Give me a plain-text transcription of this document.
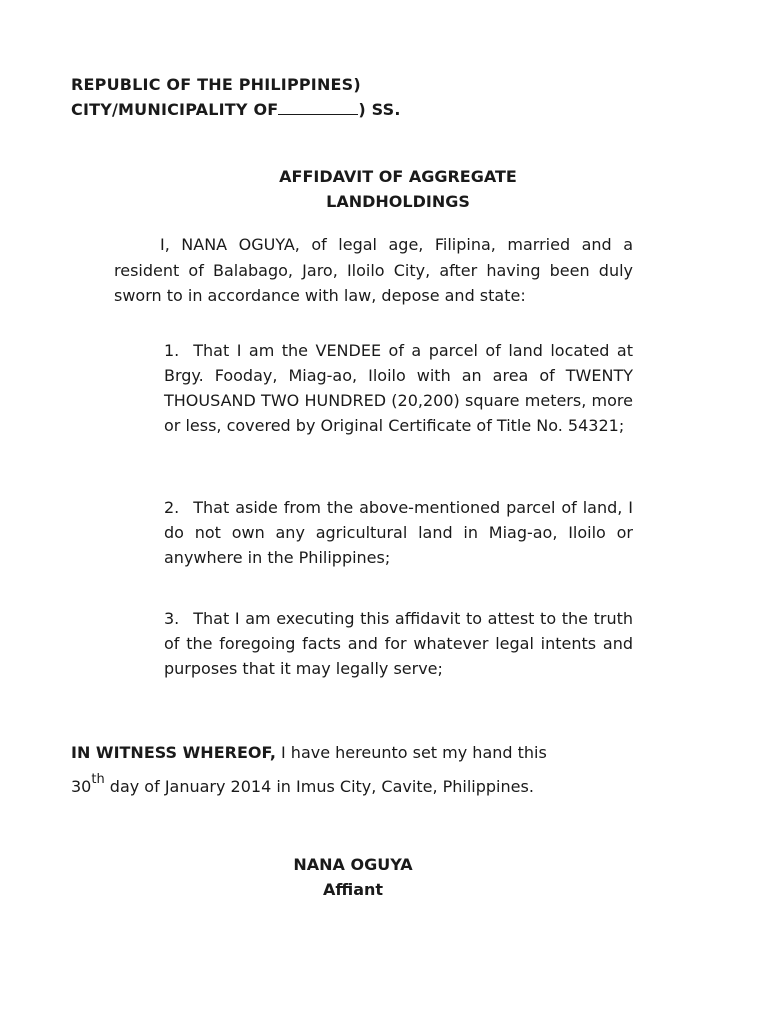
REPUBLIC OF THE PHILIPPINES)
CITY/MUNICIPALITY OF	) SS.
AFFIDAVIT OF AGGREGATE
LANDHOLDINGS
I, NANA OGUYA, of legal age, Filipina, married and a resident of Balabago, Jaro, Iloilo City, after having been duly sworn to in accordance with law, depose and state:
1. That I am the VENDEE of a parcel of land located at Brgy. Fooday, Miag-ao, Iloilo with an area of TWENTY THOUSAND TWO HUNDRED (20,200) square meters, more or less, covered by Original Certificate of Title No. 54321;
2. That aside from the above-mentioned parcel of land, I do not own any agricultural land in Miag-ao, Iloilo or anywhere in the Philippines;
3. That I am executing this affidavit to attest to the truth of the foregoing facts and for whatever legal intents and purposes that it may legally serve;
IN WITNESS WHEREOF, I have hereunto set my hand this
30th day of January 2014 in Imus City, Cavite, Philippines.
NANA OGUYA
Affiant
